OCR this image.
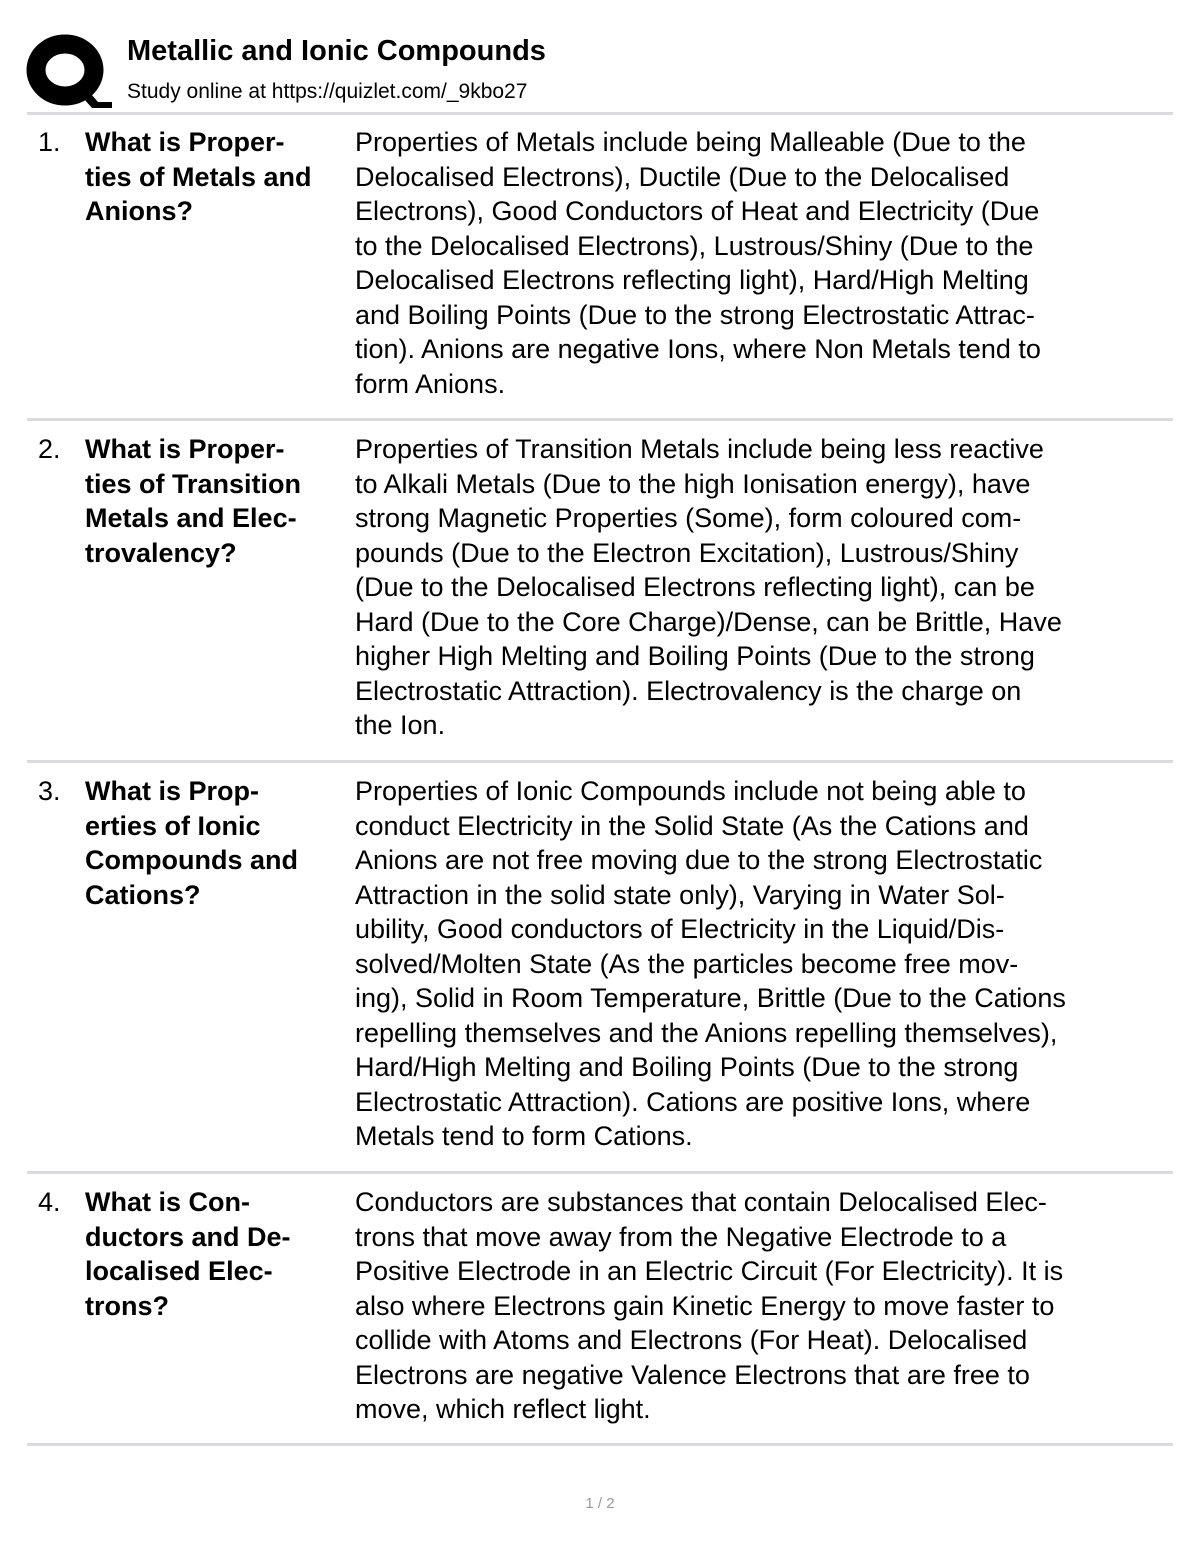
Metallic and Ionic Compounds
Study online at https://quizlet.com/_9kbo27
1. What is Proper-
ties of Metals and
Anions?
Properties of Metals include being Malleable (Due to the
Delocalised Electrons), Ductile (Due to the Delocalised
Electrons), Good Conductors of Heat and Electricity (Due
to the Delocalised Electrons), Lustrous/Shiny (Due to the
Delocalised Electrons reflecting light), Hard/High Melting
and Boiling Points (Due to the strong Electrostatic Attrac-
tion). Anions are negative Ions, where Non Metals tend to
form Anions.
2. What is Proper-
ties of Transition
Metals and Elec-
trovalency?
Properties of Transition Metals include being less reactive
to Alkali Metals (Due to the high Ionisation energy), have
strong Magnetic Properties (Some), form coloured com-
pounds (Due to the Electron Excitation), Lustrous/Shiny
(Due to the Delocalised Electrons reflecting light), can be
Hard (Due to the Core Charge)/Dense, can be Brittle, Have
higher High Melting and Boiling Points (Due to the strong
Electrostatic Attraction). Electrovalency is the charge on
the Ion.
3. What is Prop-
erties of Ionic
Compounds and
Cations?
Properties of Ionic Compounds include not being able to
conduct Electricity in the Solid State (As the Cations and
Anions are not free moving due to the strong Electrostatic
Attraction in the solid state only), Varying in Water Sol-
ubility, Good conductors of Electricity in the Liquid/Dis-
solved/Molten State (As the particles become free mov-
ing), Solid in Room Temperature, Brittle (Due to the Cations
repelling themselves and the Anions repelling themselves),
Hard/High Melting and Boiling Points (Due to the strong
Electrostatic Attraction). Cations are positive Ions, where
Metals tend to form Cations.
4. What is Con-
ductors and De-
localised Elec-
trons?
Conductors are substances that contain Delocalised Elec-
trons that move away from the Negative Electrode to a
Positive Electrode in an Electric Circuit (For Electricity). It is
also where Electrons gain Kinetic Energy to move faster to
collide with Atoms and Electrons (For Heat). Delocalised
Electrons are negative Valence Electrons that are free to
move, which reflect light.
1 / 2
